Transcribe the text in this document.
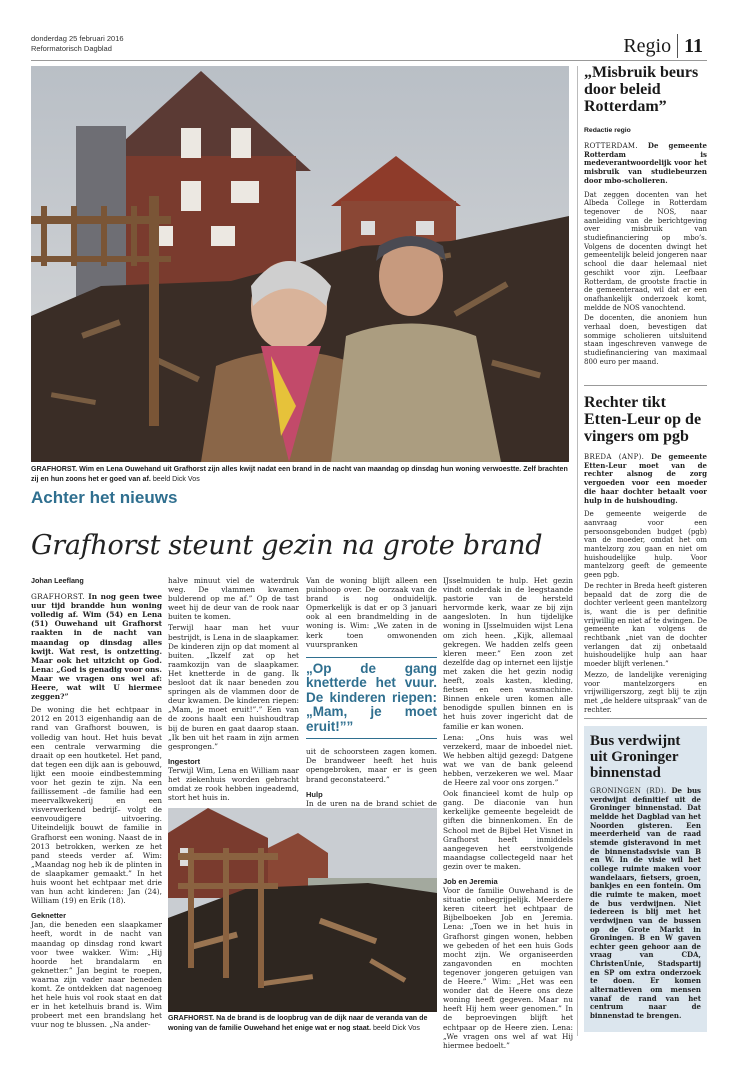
donderdag 25 februari 2016
Reformatorisch Dagblad	Regio 11
GRAFHORST. Wim en Lena Ouwehand uit Grafhorst zijn alles kwijt nadat een brand in de nacht van maandag op dinsdag hun woning verwoestte. Zelf brachten zij en hun zoons het er goed van af. beeld Dick Vos
Achter het nieuws
Grafhorst steunt gezin na grote brand
Johan Leeflang

GRAFHORST. In nog geen twee uur tijd brandde hun woning volledig af. Wim (54) en Lena (51) Ouwehand uit Grafhorst raakten in de nacht van maandag op dinsdag alles kwijt. Wat rest, is ontzetting. Maar ook het uitzicht op God. Lena: „God is genadig voor ons. Maar we vragen ons wel af: Heere, wat wilt U hiermee zeggen?”

De woning die het echtpaar in 2012 en 2013 eigenhandig aan de rand van Grafhorst bouwen, is volledig van hout. Het huis bevat een centrale verwarming die draait op een houtketel. Het pand, dat tegen een dijk aan is gebouwd, lijkt een mooie eindbestemming voor het gezin te zijn. Na een faillissement –de familie had een meervalkwekerij en een visverwerkend bedrijf– volgt de eenvoudigere uitvoering. Uiteindelijk bouwt de familie in Grafhorst een woning. Naast de in 2013 betrokken, werken ze het pand steeds verder af. Wim: „Maandag nog heb ik de plinten in de slaapkamer gemaakt.” In het huis woont het echtpaar met drie van hun acht kinderen: Jan (24), William (19) en Erik (18).

Geknetter

Jan, die beneden een slaapkamer heeft, wordt in de nacht van maandag op dinsdag rond kwart voor twee wakker. Wim: „Hij hoorde het brandalarm en geknetter.” Jan begint te roepen, waarna zijn vader naar beneden komt. Ze ontdekken dat nagenoeg het hele huis vol rook staat en dat er in het ketelhuis brand is. Wim probeert met een brandslang het vuur nog te blussen. „Na ander-

halve minuut viel de waterdruk weg. De vlammen kwamen bulderend op me af.” Op de tast weet hij de deur van de rook naar buiten te komen.

Terwijl haar man het vuur bestrijdt, is Lena in de slaapkamer. De kinderen zijn op dat moment al buiten. „Ikzelf zat op het raamkozijn van de slaapkamer. Het knetterde in de gang. Ik besloot dat ik naar beneden zou springen als de vlammen door de deur kwamen. De kinderen riepen: „Mam, je moet eruit!”.” Een van de zoons haalt een huishoudtrap bij de buren en gaat daarop staan. „Ik ben uit het raam in zijn armen gesprongen.”

Ingestort

Terwijl Wim, Lena en William naar het ziekenhuis worden gebracht omdat ze rook hebben ingeademd, stort het huis in.

Van de woning blijft alleen een puinhoop over. De oorzaak van de brand is nog onduidelijk. Opmerkelijk is dat er op 3 januari ook al een brandmelding in de woning is. Wim: „We zaten in de kerk toen omwonenden vuurspranken

„Op de gang knetterde het vuur. De kinderen riepen: „Mam, je moet eruit!””

uit de schoorsteen zagen komen. De brandweer heeft het huis opengebroken, maar er is geen brand geconstateerd.”

Hulp

In de uren na de brand schiet de

IJsselmuiden te hulp. Het gezin vindt onderdak in de leegstaande pastorie van de hersteld hervormde kerk, waar ze bij zijn aangesloten. In hun tijdelijke woning in IJsselmuiden wijst Lena om zich heen. „Kijk, allemaal gekregen. We hadden zelfs geen kleren meer.” Een zoon zet dezelfde dag op internet een lijstje met zaken die het gezin nodig heeft, zoals kasten, kleding, fietsen en een wasmachine. Binnen enkele uren komen alle benodigde spullen binnen en is het huis zover ingericht dat de familie er kan wonen.

Lena: „Ons huis was wel verzekerd, maar de inboedel niet. We hebben altijd gezegd: Datgene wat we van de bank geleend hebben, verzekeren we wel. Maar de Heere zal voor ons zorgen.”

Ook financieel komt de hulp op gang. De diaconie van hun kerkelijke gemeente begeleidt de giften die binnenkomen. En de School met de Bijbel Het Visnet in Grafhorst heeft inmiddels aangegeven het eerstvolgende maandagse collectegeld naar het gezin over te maken.

Job en Jeremia

Voor de familie Ouwehand is de situatie onbegrijpelijk. Meerdere keren citeert het echtpaar de Bijbelboeken Job en Jeremia. Lena: „Toen we in het huis in Grafhorst gingen wonen, hebben we gebeden of het een huis Gods mocht zijn. We organiseerden zangavonden en mochten tegenover jongeren getuigen van de Heere.” Wim: „Het was een wonder dat de Heere ons deze woning heeft gegeven. Maar nu heeft Hij hem weer genomen.” In de beproevingen blijft het echtpaar op de Heere zien. Lena: „We vragen ons wel af wat Hij hiermee bedoelt.”

GRAFHORST. Na de brand is de loopbrug van de dijk naar de veranda van de woning van de familie Ouwehand het enige wat er nog staat. beeld Dick Vos
„Misbruik beurs door beleid Rotterdam”
Redactie regio

ROTTERDAM. De gemeente Rotterdam is medeverantwoordelijk voor het misbruik van studiebeurzen door mbo-scholieren.

Dat zeggen docenten van het Albeda College in Rotterdam tegenover de NOS, naar aanleiding van de berichtgeving over misbruik van studiefinanciering op mbo’s. Volgens de docenten dwingt het gemeentelijk beleid jongeren naar school die daar helemaal niet geschikt voor zijn. Leefbaar Rotterdam, de grootste fractie in de gemeenteraad, wil dat er een onafhankelijk onderzoek komt, meldde de NOS vanochtend.

De docenten, die anoniem hun verhaal doen, bevestigen dat sommige scholieren uitsluitend staan ingeschreven vanwege de studiefinanciering van maximaal 800 euro per maand.

Rechter tikt Etten-Leur op de vingers om pgb

BREDA (ANP). De gemeente Etten-Leur moet van de rechter alsnog de zorg vergoeden voor een moeder die haar dochter betaalt voor hulp in de huishouding.

De gemeente weigerde de aanvraag voor een persoonsgebonden budget (pgb) van de moeder, omdat het om mantelzorg zou gaan en niet om huishoudelijke hulp. Voor mantelzorg geeft de gemeente geen pgb.

De rechter in Breda heeft gisteren bepaald dat de zorg die de dochter verleent geen mantelzorg is, want die is per definitie vrijwillig en niet af te dwingen. De gemeente kan volgens de rechtbank „niet van de dochter verlangen dat zij onbetaald huishoudelijke hulp aan haar moeder blijft verlenen.”

Mezzo, de landelijke vereniging voor mantelzorgers en vrijwilligerszorg, zegt blij te zijn met „de heldere uitspraak” van de rechter.

Bus verdwijnt uit Groninger binnenstad
GRONINGEN (RD). De bus verdwijnt definitief uit de Groninger binnenstad. Dat meldde het Dagblad van het Noorden gisteren. Een meerderheid van de raad stemde gisteravond in met de binnenstadsvisie van B en W. In de visie wil het college ruimte maken voor wandelaars, fietsers, groen, bankjes en een fontein. Om die ruimte te maken, moet de bus verdwijnen. Niet iedereen is blij met het verdwijnen van de bussen op de Grote Markt in Groningen. B en W gaven echter geen gehoor aan de vraag van CDA, ChristenUnie, Stadspartij en SP om extra onderzoek te doen. Er komen alternatieven om mensen vanaf de rand van het centrum naar de binnenstad te brengen.
